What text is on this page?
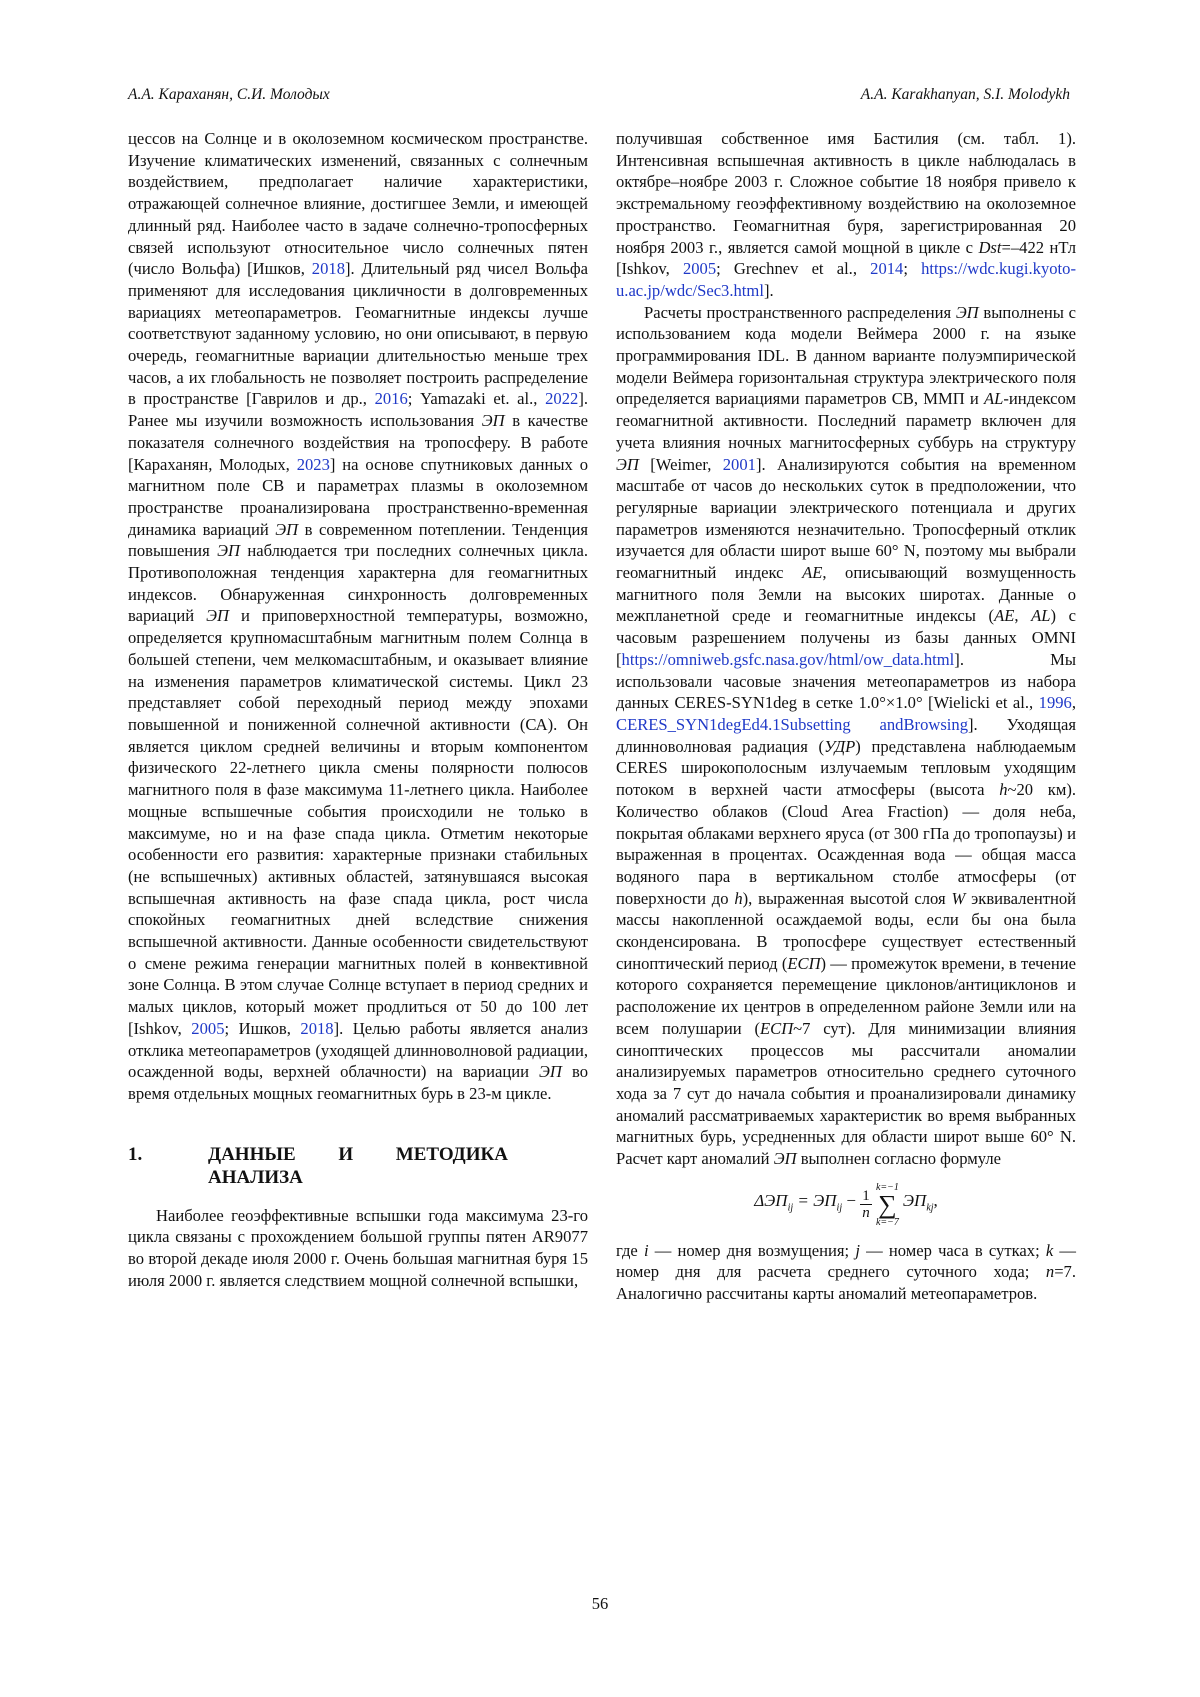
А.А. Караханян, С.И. Молодых	A.A. Karakhanyan, S.I. Molodykh

цессов на Солнце и в околоземном космическом пространстве. Изучение климатических изменений, связанных с солнечным воздействием, предполагает наличие характеристики, отражающей солнечное влияние, достигшее Земли, и имеющей длинный ряд. Наиболее часто в задаче солнечно-тропосферных связей используют относительное число солнечных пятен (число Вольфа) [Ишков, 2018]. Длительный ряд чисел Вольфа применяют для исследования цикличности в долговременных вариациях метеопараметров. Геомагнитные индексы лучше соответствуют заданному условию, но они описывают, в первую очередь, геомагнитные вариации длительностью меньше трех часов, а их глобальность не позволяет построить распределение в пространстве [Гаврилов и др., 2016; Yamazaki et. al., 2022]. Ранее мы изучили возможность использования ЭП в качестве показателя солнечного воздействия на тропосферу. В работе [Караханян, Молодых, 2023] на основе спутниковых данных о магнитном поле СВ и параметрах плазмы в околоземном пространстве проанализирована пространственно-временная динамика вариаций ЭП в современном потеплении. Тенденция повышения ЭП наблюдается три последних солнечных цикла. Противоположная тенденция характерна для геомагнитных индексов. Обнаруженная синхронность долговременных вариаций ЭП и приповерхностной температуры, возможно, определяется крупномасштабным магнитным полем Солнца в большей степени, чем мелкомасштабным, и оказывает влияние на изменения параметров климатической системы. Цикл 23 представляет собой переходный период между эпохами повышенной и пониженной солнечной активности (СА). Он является циклом средней величины и вторым компонентом физического 22-летнего цикла смены полярности полюсов магнитного поля в фазе максимума 11-летнего цикла. Наиболее мощные вспышечные события происходили не только в максимуме, но и на фазе спада цикла. Отметим некоторые особенности его развития: характерные признаки стабильных (не вспышечных) активных областей, затянувшаяся высокая вспышечная активность на фазе спада цикла, рост числа спокойных геомагнитных дней вследствие снижения вспышечной активности. Данные особенности свидетельствуют о смене режима генерации магнитных полей в конвективной зоне Солнца. В этом случае Солнце вступает в период средних и малых циклов, который может продлиться от 50 до 100 лет [Ishkov, 2005; Ишков, 2018]. Целью работы является анализ отклика метеопараметров (уходящей длинноволновой радиации, осажденной воды, верхней облачности) на вариации ЭП во время отдельных мощных геомагнитных бурь в 23-м цикле.

1.	ДАННЫЕ И МЕТОДИКА АНАЛИЗА

Наиболее геоэффективные вспышки года максимума 23-го цикла связаны с прохождением большой группы пятен AR9077 во второй декаде июля 2000 г. Очень большая магнитная буря 15 июля 2000 г. является следствием мощной солнечной вспышки,

получившая собственное имя Бастилия (см. табл. 1). Интенсивная вспышечная активность в цикле наблюдалась в октябре–ноябре 2003 г. Сложное событие 18 ноября привело к экстремальному геоэффективному воздействию на околоземное пространство. Геомагнитная буря, зарегистрированная 20 ноября 2003 г., является самой мощной в цикле с Dst=–422 нТл [Ishkov, 2005; Grechnev et al., 2014; https://wdc.kugi.kyoto-u.ac.jp/wdc/Sec3.html].

Расчеты пространственного распределения ЭП выполнены с использованием кода модели Веймера 2000 г. на языке программирования IDL. В данном варианте полуэмпирической модели Веймера горизонтальная структура электрического поля определяется вариациями параметров СВ, ММП и AL-индексом геомагнитной активности. Последний параметр включен для учета влияния ночных магнитосферных суббурь на структуру ЭП [Weimer, 2001]. Анализируются события на временном масштабе от часов до нескольких суток в предположении, что регулярные вариации электрического потенциала и других параметров изменяются незначительно. Тропосферный отклик изучается для области широт выше 60° N, поэтому мы выбрали геомагнитный индекс AE, описывающий возмущенность магнитного поля Земли на высоких широтах. Данные о межпланетной среде и геомагнитные индексы (AE, AL) с часовым разрешением получены из базы данных OMNI [https://omniweb.gsfc.nasa.gov/html/ow_data.html]. Мы использовали часовые значения метеопараметров из набора данных CERES-SYN1deg в сетке 1.0°×1.0° [Wielicki et al., 1996, CERES_SYN1degEd4.1Subsetting andBrowsing]. Уходящая длинноволновая радиация (УДР) представлена наблюдаемым CERES широкополосным излучаемым тепловым уходящим потоком в верхней части атмосферы (высота h~20 км). Количество облаков (Cloud Area Fraction) — доля неба, покрытая облаками верхнего яруса (от 300 гПа до тропопаузы) и выраженная в процентах. Осажденная вода — общая масса водяного пара в вертикальном столбе атмосферы (от поверхности до h), выраженная высотой слоя W эквивалентной массы накопленной осаждаемой воды, если бы она была сконденсирована. В тропосфере существует естественный синоптический период (ЕСП) — промежуток времени, в течение которого сохраняется перемещение циклонов/антициклонов и расположение их центров в определенном районе Земли или на всем полушарии (ЕСП~7 сут). Для минимизации влияния синоптических процессов мы рассчитали аномалии анализируемых параметров относительно среднего суточного хода за 7 сут до начала события и проанализировали динамику аномалий рассматриваемых характеристик во время выбранных магнитных бурь, усредненных для области широт выше 60° N. Расчет карт аномалий ЭП выполнен согласно формуле

$\Delta ЭП_{ij} = ЭП_{ij} - \frac{1}{n}$
k=−1
∑
k=−7
$ЭП_{kj}$,

где i — номер дня возмущения; j — номер часа в сутках; k — номер дня для расчета среднего суточного хода; n=7. Аналогично рассчитаны карты аномалий метеопараметров.

56
